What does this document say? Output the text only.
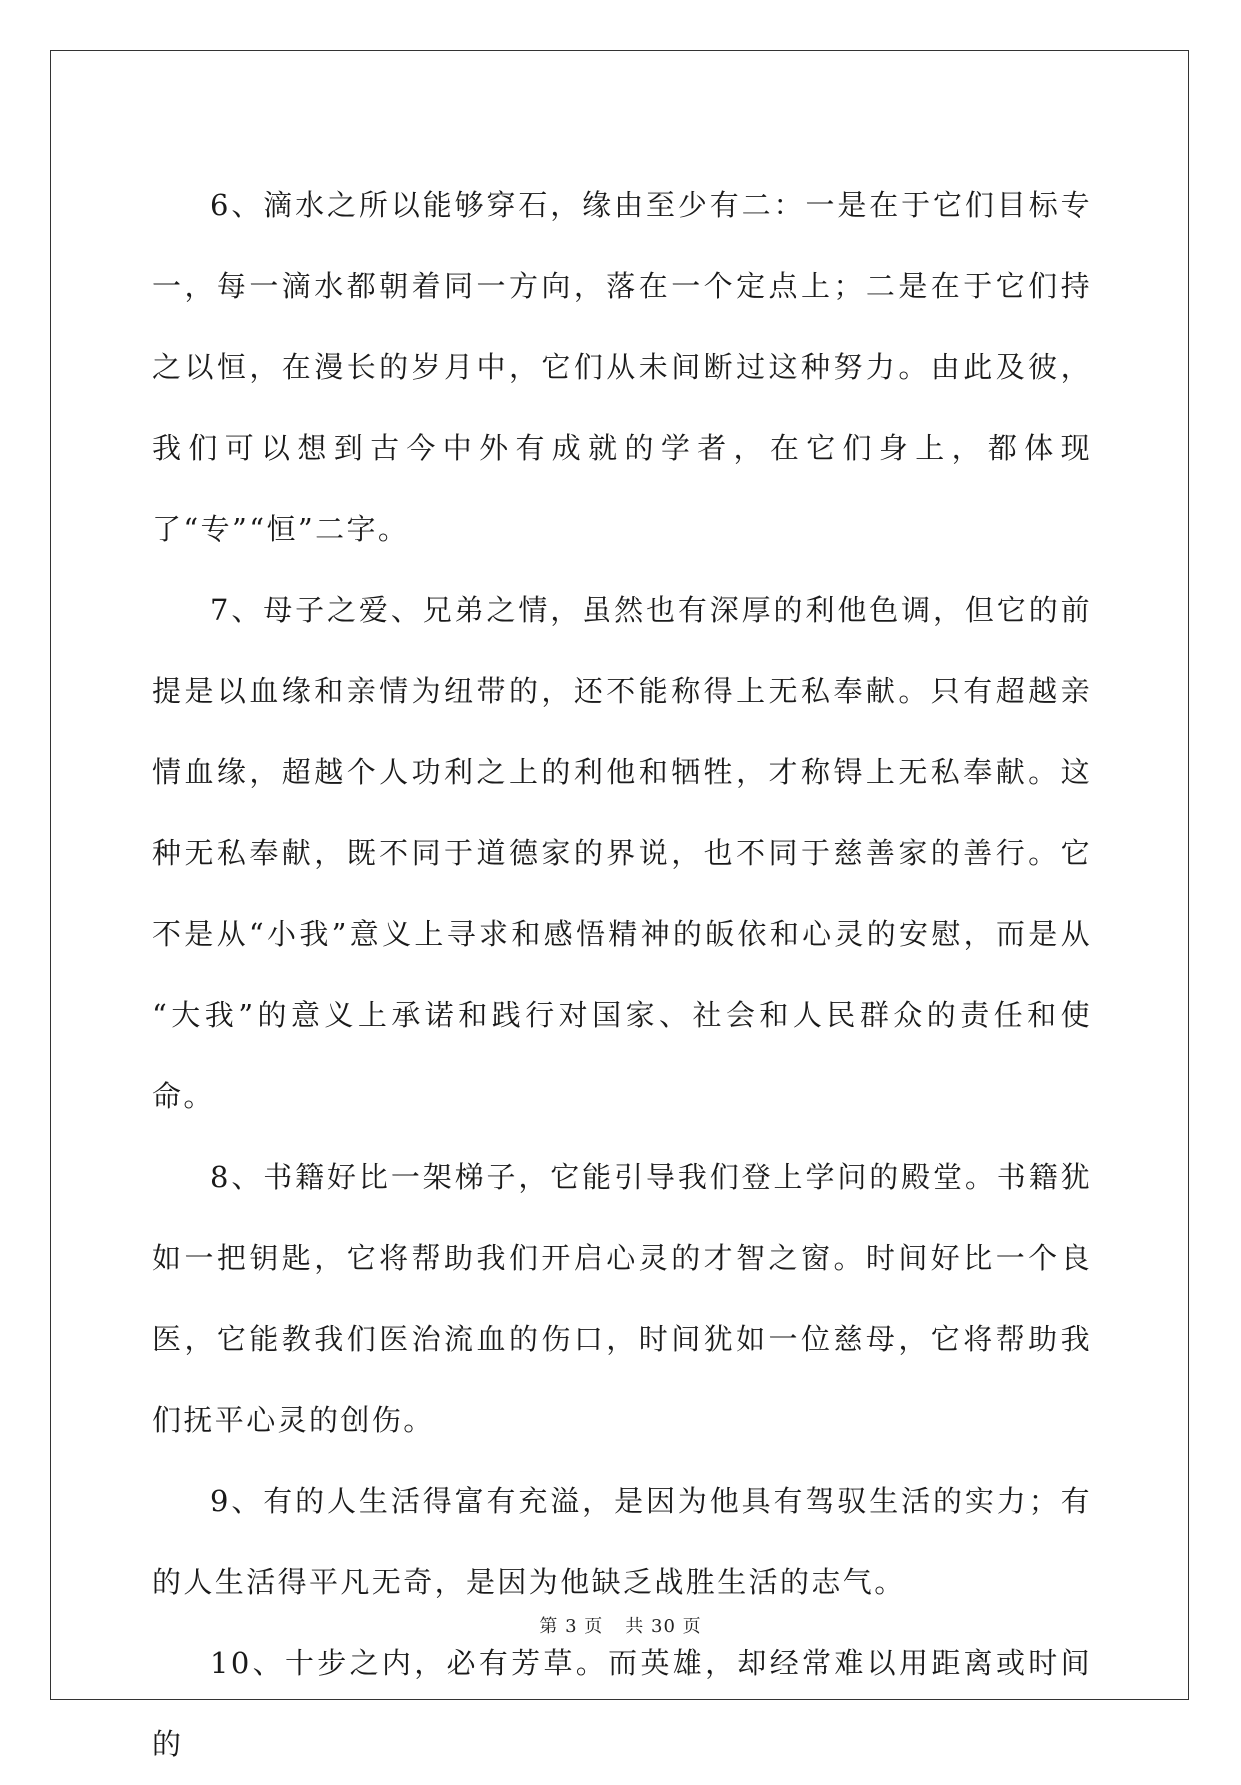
6、滴水之所以能够穿石，缘由至少有二：一是在于它们目标专一，每一滴水都朝着同一方向，落在一个定点上；二是在于它们持之以恒，在漫长的岁月中，它们从未间断过这种努力。由此及彼，我们可以想到古今中外有成就的学者，在它们身上，都体现了“专”“恒”二字。

7、母子之爱、兄弟之情，虽然也有深厚的利他色调，但它的前提是以血缘和亲情为纽带的，还不能称得上无私奉献。只有超越亲情血缘，超越个人功利之上的利他和牺牲，才称锝上无私奉献。这种无私奉献，既不同于道德家的界说，也不同于慈善家的善行。它不是从“小我”意义上寻求和感悟精神的皈依和心灵的安慰，而是从 “大我”的意义上承诺和践行对国家、社会和人民群众的责任和使命。

8、书籍好比一架梯子，它能引导我们登上学问的殿堂。书籍犹如一把钥匙，它将帮助我们开启心灵的才智之窗。时间好比一个良医，它能教我们医治流血的伤口，时间犹如一位慈母，它将帮助我们抚平心灵的创伤。

9、有的人生活得富有充溢，是因为他具有驾驭生活的实力；有的人生活得平凡无奇，是因为他缺乏战胜生活的志气。

10、十步之内，必有芳草。而英雄，却经常难以用距离或时间的

第 3 页 共 30 页
